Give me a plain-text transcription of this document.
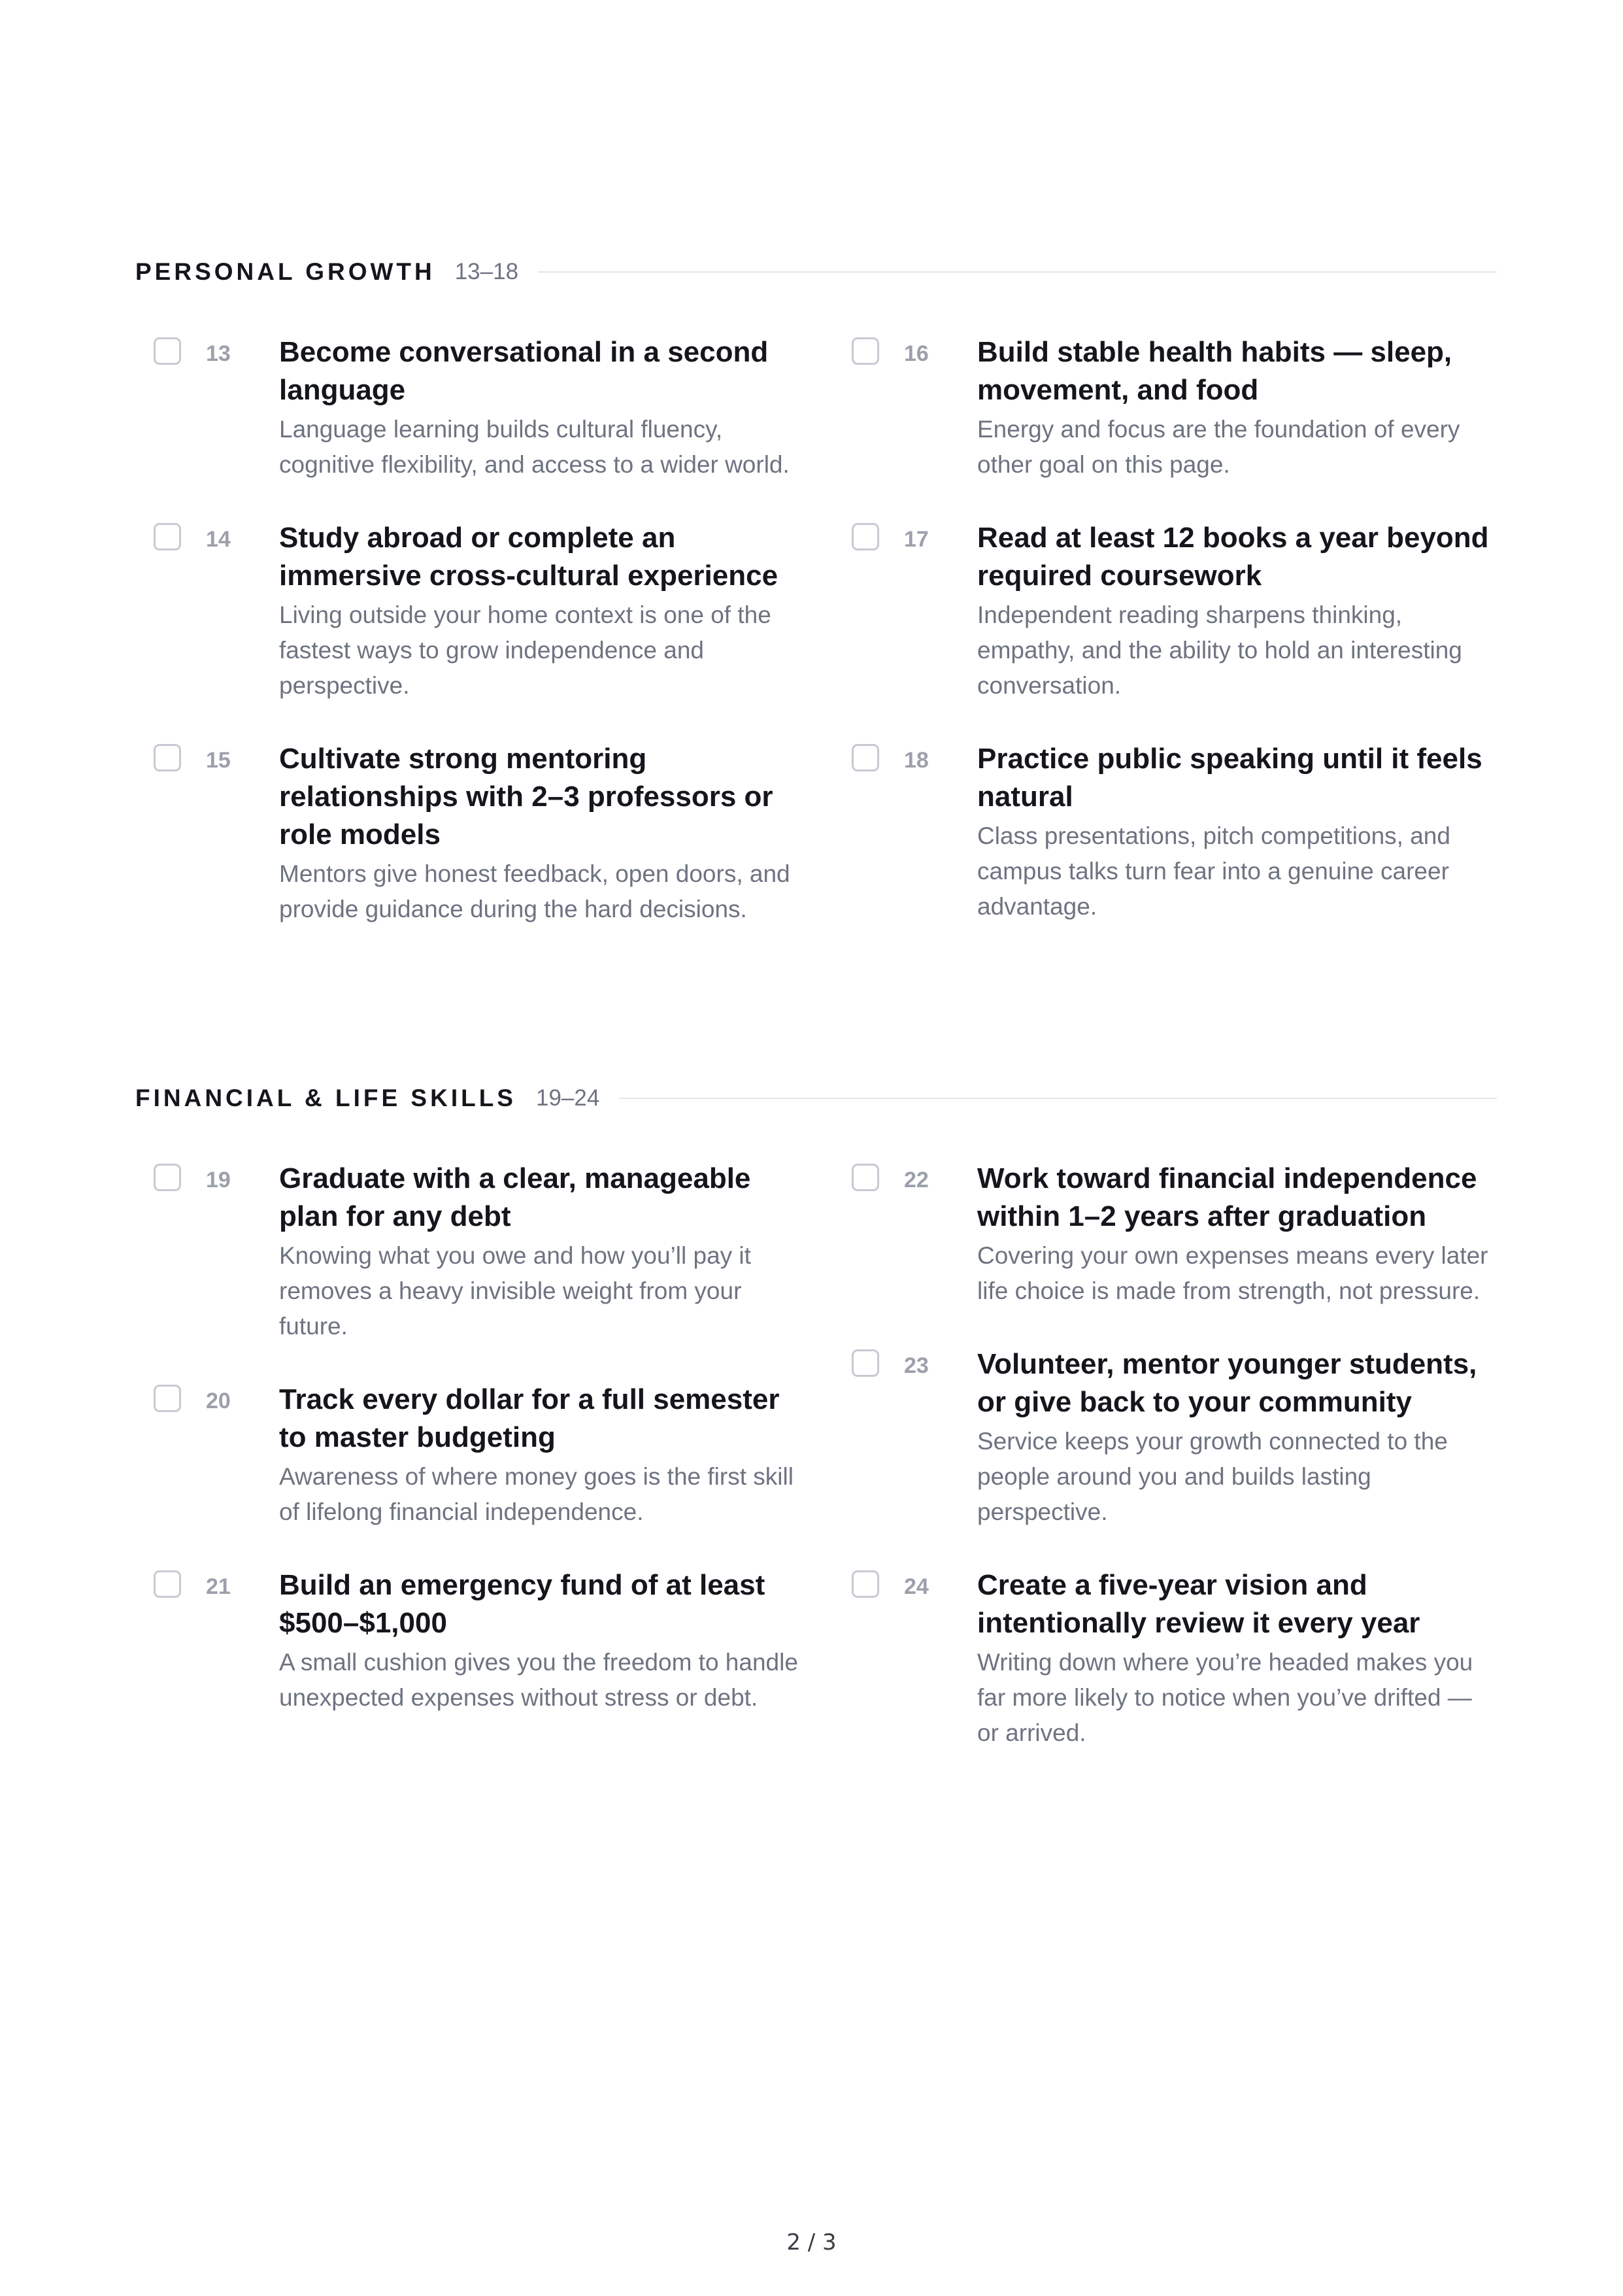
PERSONAL GROWTH 13–18
13	Become conversational in a second language
Language learning builds cultural fluency, cognitive flexibility, and access to a wider world.
14	Study abroad or complete an immersive cross-cultural experience
Living outside your home context is one of the fastest ways to grow independence and perspective.
15	Cultivate strong mentoring relationships with 2–3 professors or role models
Mentors give honest feedback, open doors, and provide guidance during the hard decisions.
16	Build stable health habits — sleep, movement, and food
Energy and focus are the foundation of every other goal on this page.
17	Read at least 12 books a year beyond required coursework
Independent reading sharpens thinking, empathy, and the ability to hold an interesting conversation.
18	Practice public speaking until it feels natural
Class presentations, pitch competitions, and campus talks turn fear into a genuine career advantage.
FINANCIAL & LIFE SKILLS 19–24
19	Graduate with a clear, manageable plan for any debt
Knowing what you owe and how you’ll pay it removes a heavy invisible weight from your future.
20	Track every dollar for a full semester to master budgeting
Awareness of where money goes is the first skill of lifelong financial independence.
21	Build an emergency fund of at least $500–$1,000
A small cushion gives you the freedom to handle unexpected expenses without stress or debt.
22	Work toward financial independence within 1–2 years after graduation
Covering your own expenses means every later life choice is made from strength, not pressure.
23	Volunteer, mentor younger students, or give back to your community
Service keeps your growth connected to the people around you and builds lasting perspective.
24	Create a five-year vision and intentionally review it every year
Writing down where you’re headed makes you far more likely to notice when you’ve drifted — or arrived.
2 / 3
